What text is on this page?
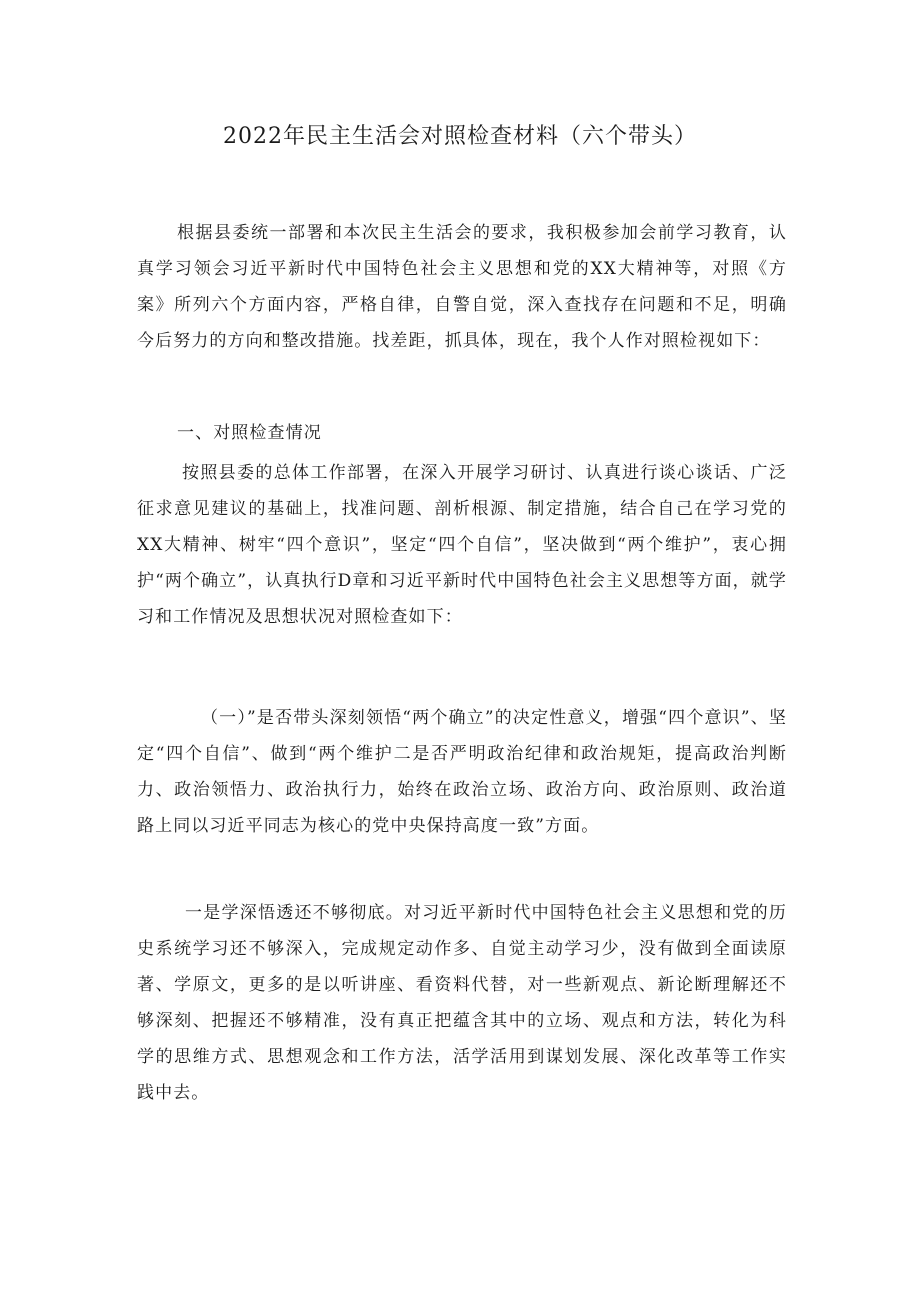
2022年民主生活会对照检查材料（六个带头）

根据县委统一部署和本次民主生活会的要求，我积极参加会前学习教育，认真学习领会习近平新时代中国特色社会主义思想和党的XX大精神等，对照《方案》所列六个方面内容，严格自律，自警自觉，深入查找存在问题和不足，明确今后努力的方向和整改措施。找差距，抓具体，现在，我个人作对照检视如下：

一、对照检查情况

按照县委的总体工作部署，在深入开展学习研讨、认真进行谈心谈话、广泛征求意见建议的基础上，找准问题、剖析根源、制定措施，结合自己在学习党的XX大精神、树牢“四个意识”，坚定“四个自信”，坚决做到“两个维护”，衷心拥护“两个确立”，认真执行D章和习近平新时代中国特色社会主义思想等方面，就学习和工作情况及思想状况对照检查如下：

（一）”是否带头深刻领悟“两个确立”的决定性意义，增强“四个意识”、坚定“四个自信”、做到“两个维护二是否严明政治纪律和政治规矩，提高政治判断力、政治领悟力、政治执行力，始终在政治立场、政治方向、政治原则、政治道路上同以习近平同志为核心的党中央保持高度一致”方面。

一是学深悟透还不够彻底。对习近平新时代中国特色社会主义思想和党的历史系统学习还不够深入，完成规定动作多、自觉主动学习少，没有做到全面读原著、学原文，更多的是以听讲座、看资料代替，对一些新观点、新论断理解还不够深刻、把握还不够精准，没有真正把蕴含其中的立场、观点和方法，转化为科学的思维方式、思想观念和工作方法，活学活用到谋划发展、深化改革等工作实践中去。
